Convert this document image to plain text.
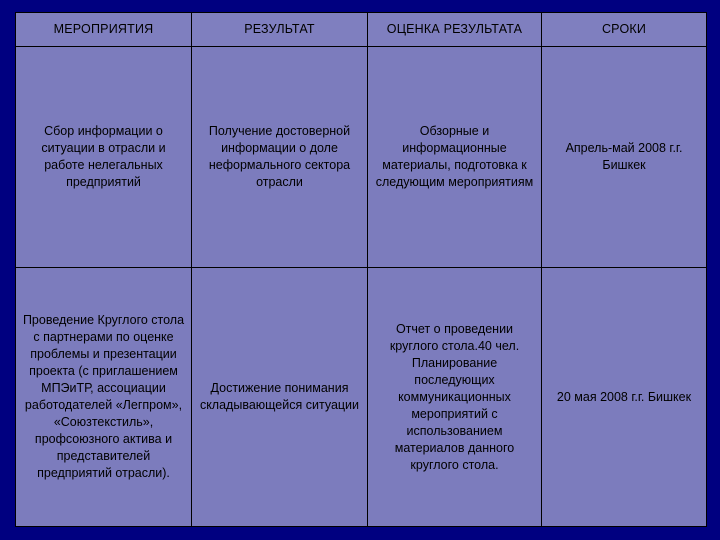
МЕРОПРИЯТИЯ	РЕЗУЛЬТАТ	ОЦЕНКА РЕЗУЛЬТАТА	СРОКИ
Сбор информации о ситуации в отрасли и работе нелегальных предприятий	Получение достоверной информации о доле неформального сектора отрасли	Обзорные и информационные материалы, подготовка к следующим мероприятиям	Апрель-май 2008 г.г. Бишкек
Проведение Круглого стола с партнерами по оценке проблемы и презентации проекта (с приглашением МПЭиТР, ассоциации работодателей «Легпром», «Союзтекстиль», профсоюзного актива и представителей предприятий отрасли).	Достижение понимания складывающейся ситуации	Отчет о проведении круглого стола.40 чел. Планирование последующих коммуникационных мероприятий с использованием материалов данного круглого стола.	20 мая 2008 г.г. Бишкек
